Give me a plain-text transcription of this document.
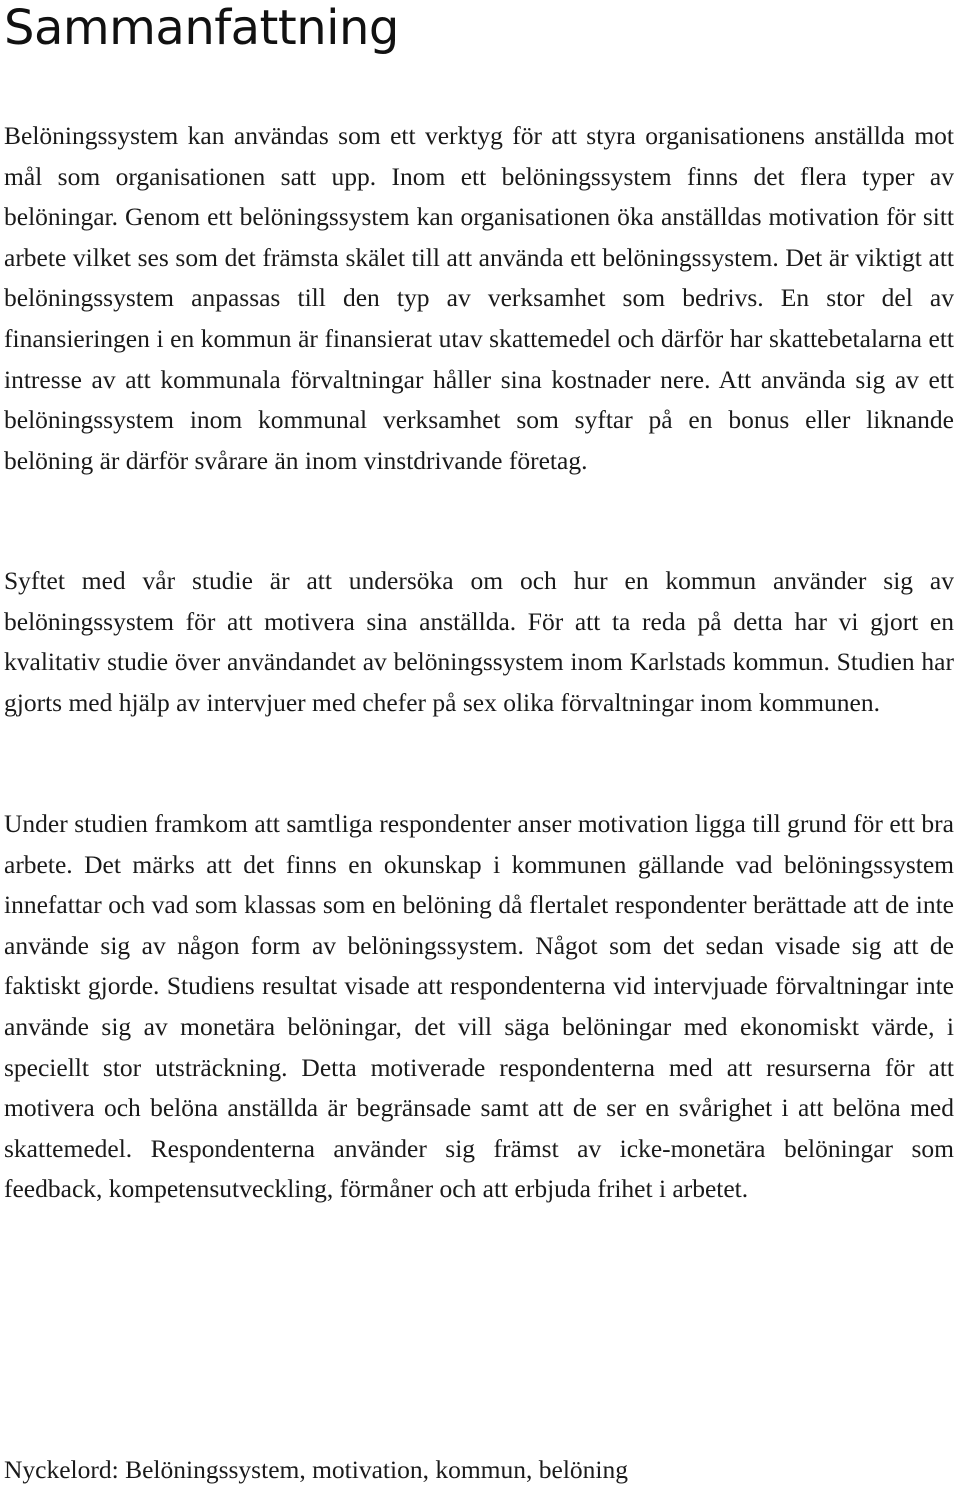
Sammanfattning

Belöningssystem kan användas som ett verktyg för att styra organisationens anställda mot mål som organisationen satt upp. Inom ett belöningssystem finns det flera typer av belöningar. Genom ett belöningssystem kan organisationen öka anställdas motivation för sitt arbete vilket ses som det främsta skälet till att använda ett belöningssystem. Det är viktigt att belöningssystem anpassas till den typ av verksamhet som bedrivs. En stor del av finansieringen i en kommun är finansierat utav skattemedel och därför har skattebetalarna ett intresse av att kommunala förvaltningar håller sina kostnader nere. Att använda sig av ett belöningssystem inom kommunal verksamhet som syftar på en bonus eller liknande belöning är därför svårare än inom vinstdrivande företag.

Syftet med vår studie är att undersöka om och hur en kommun använder sig av belöningssystem för att motivera sina anställda. För att ta reda på detta har vi gjort en kvalitativ studie över användandet av belöningssystem inom Karlstads kommun. Studien har gjorts med hjälp av intervjuer med chefer på sex olika förvaltningar inom kommunen.

Under studien framkom att samtliga respondenter anser motivation ligga till grund för ett bra arbete. Det märks att det finns en okunskap i kommunen gällande vad belöningssystem innefattar och vad som klassas som en belöning då flertalet respondenter berättade att de inte använde sig av någon form av belöningssystem. Något som det sedan visade sig att de faktiskt gjorde. Studiens resultat visade att respondenterna vid intervjuade förvaltningar inte använde sig av monetära belöningar, det vill säga belöningar med ekonomiskt värde, i speciellt stor utsträckning. Detta motiverade respondenterna med att resurserna för att motivera och belöna anställda är begränsade samt att de ser en svårighet i att belöna med skattemedel. Respondenterna använder sig främst av icke-monetära belöningar som feedback, kompetensutveckling, förmåner och att erbjuda frihet i arbetet.

Nyckelord: Belöningssystem, motivation, kommun, belöning
